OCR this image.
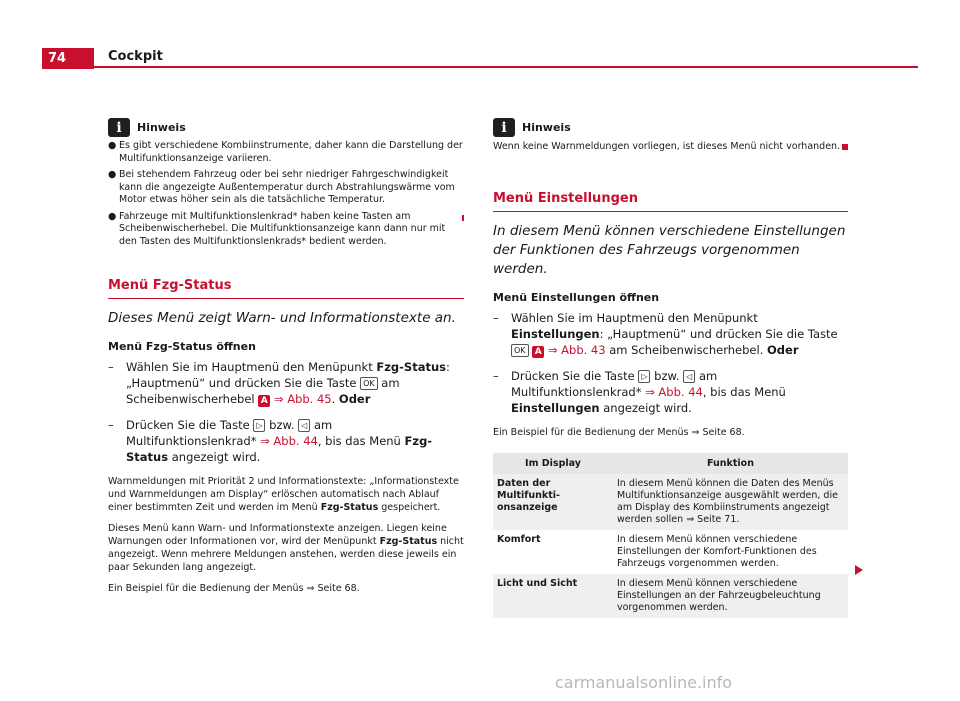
74	Cockpit
i	Hinweis
● Es gibt verschiedene Kombiinstrumente, daher kann die Darstellung der Multifunktionsanzeige variieren.
● Bei stehendem Fahrzeug oder bei sehr niedriger Fahrgeschwindigkeit kann die angezeigte Außentemperatur durch Abstrahlungswärme vom Motor etwas höher sein als die tatsächliche Temperatur.
● Fahrzeuge mit Multifunktionslenkrad* haben keine Tasten am Scheibenwischerhebel. Die Multifunktionsanzeige kann dann nur mit den Tasten des Multifunktionslenkrads* bedient werden.
Menü Fzg-Status

Dieses Menü zeigt Warn- und Informationstexte an.

Menü Fzg-Status öffnen

–	Wählen Sie im Hauptmenü den Menüpunkt Fzg-Status: „Hauptmenü“ und drücken Sie die Taste OK am Scheibenwischerhebel A ⇒ Abb. 45. Oder
–	Drücken Sie die Taste ▷ bzw. ◁ am Multifunktionslenkrad* ⇒ Abb. 44, bis das Menü Fzg-Status angezeigt wird.

Warnmeldungen mit Priorität 2 und Informationstexte: „Informationstexte und Warnmeldungen am Display“ erlöschen automatisch nach Ablauf einer bestimmten Zeit und werden im Menü Fzg-Status gespeichert.

Dieses Menü kann Warn- und Informationstexte anzeigen. Liegen keine Warnungen oder Informationen vor, wird der Menüpunkt Fzg-Status nicht angezeigt. Wenn mehrere Meldungen anstehen, werden diese jeweils ein paar Sekunden lang angezeigt.

Ein Beispiel für die Bedienung der Menüs ⇒ Seite 68.

i	Hinweis

Wenn keine Warnmeldungen vorliegen, ist dieses Menü nicht vorhanden.

Menü Einstellungen

In diesem Menü können verschiedene Einstellungen der Funktionen des Fahrzeugs vorgenommen werden.

Menü Einstellungen öffnen

–	Wählen Sie im Hauptmenü den Menüpunkt Einstellungen: „Hauptmenü“ und drücken Sie die Taste OK A ⇒ Abb. 43 am Scheibenwischerhebel. Oder
–	Drücken Sie die Taste ▷ bzw. ◁ am Multifunktionslenkrad* ⇒ Abb. 44, bis das Menü Einstellungen angezeigt wird.

Ein Beispiel für die Bedienung der Menüs ⇒ Seite 68.

Im Display	Funktion
Daten der Multifunkti-onsanzeige	In diesem Menü können die Daten des Menüs Multifunktionsanzeige ausgewählt werden, die am Display des Kombiinstruments angezeigt werden sollen ⇒ Seite 71.
Komfort	In diesem Menü können verschiedene Einstellungen der Komfort-Funktionen des Fahrzeugs vorgenommen werden.
Licht und Sicht	In diesem Menü können verschiedene Einstellungen an der Fahrzeugbeleuchtung vorgenommen werden.
carmanualsonline.info
